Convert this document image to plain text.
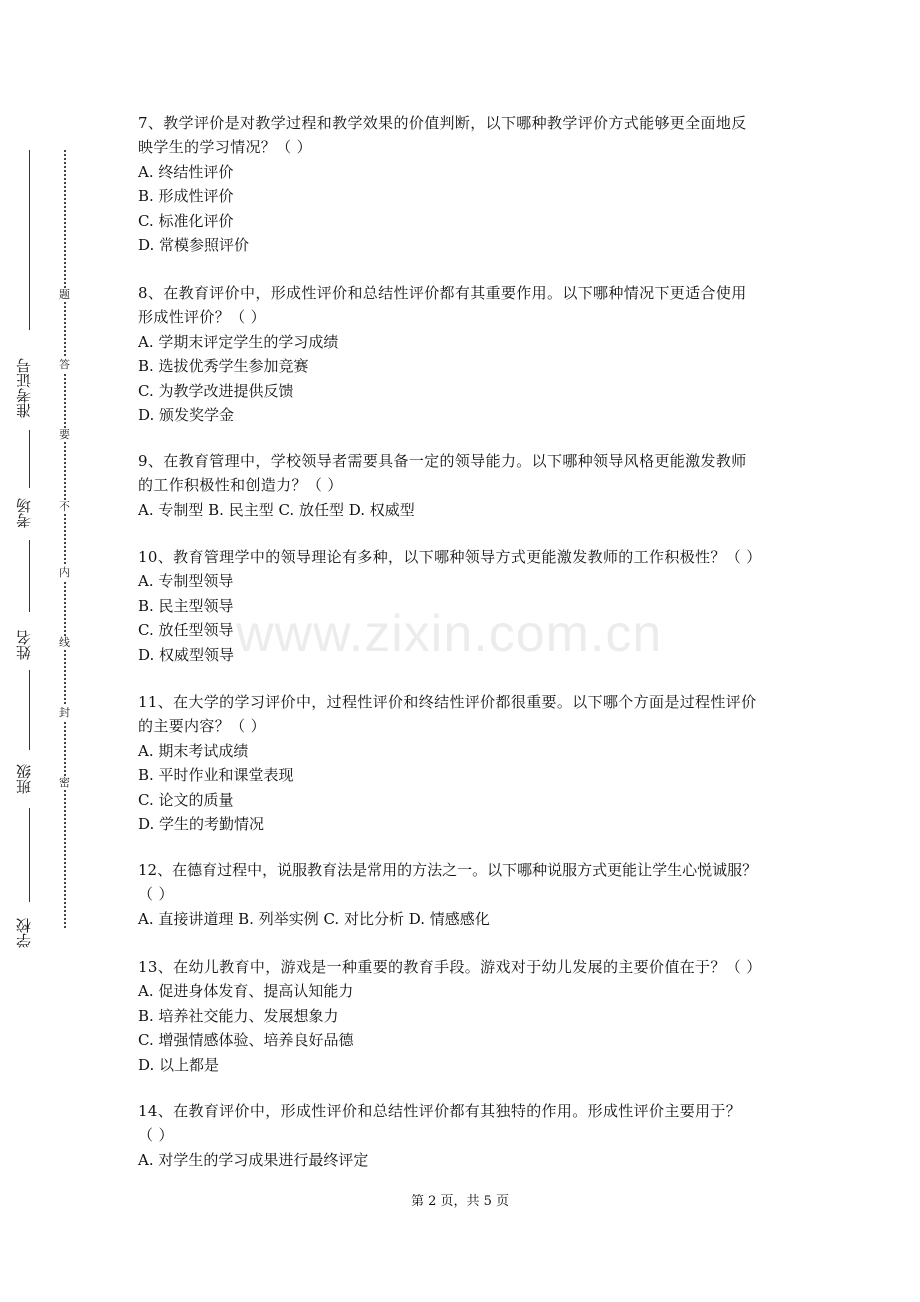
准考证号
考场
姓名
班级
学校
题
答
要
不
内
线
封
密
7、教学评价是对教学过程和教学效果的价值判断，以下哪种教学评价方式能够更全面地反
映学生的学习情况？（ ）
A. 终结性评价
B. 形成性评价
C. 标准化评价
D. 常模参照评价
8、在教育评价中，形成性评价和总结性评价都有其重要作用。以下哪种情况下更适合使用
形成性评价？（ ）
A. 学期末评定学生的学习成绩
B. 选拔优秀学生参加竞赛
C. 为教学改进提供反馈
D. 颁发奖学金
9、在教育管理中，学校领导者需要具备一定的领导能力。以下哪种领导风格更能激发教师
的工作积极性和创造力？（ ）
A. 专制型 B. 民主型 C. 放任型 D. 权威型
10、教育管理学中的领导理论有多种，以下哪种领导方式更能激发教师的工作积极性？（ ）
A. 专制型领导
B. 民主型领导
C. 放任型领导
D. 权威型领导
11、在大学的学习评价中，过程性评价和终结性评价都很重要。以下哪个方面是过程性评价
的主要内容？（ ）
A. 期末考试成绩
B. 平时作业和课堂表现
C. 论文的质量
D. 学生的考勤情况
12、在德育过程中，说服教育法是常用的方法之一。以下哪种说服方式更能让学生心悦诚服？
（ ）
A. 直接讲道理 B. 列举实例 C. 对比分析 D. 情感感化
13、在幼儿教育中，游戏是一种重要的教育手段。游戏对于幼儿发展的主要价值在于？（ ）
A. 促进身体发育、提高认知能力
B. 培养社交能力、发展想象力
C. 增强情感体验、培养良好品德
D. 以上都是
14、在教育评价中，形成性评价和总结性评价都有其独特的作用。形成性评价主要用于？
（ ）
A. 对学生的学习成果进行最终评定
www.zixin.com.cn
第 2 页，共 5 页
